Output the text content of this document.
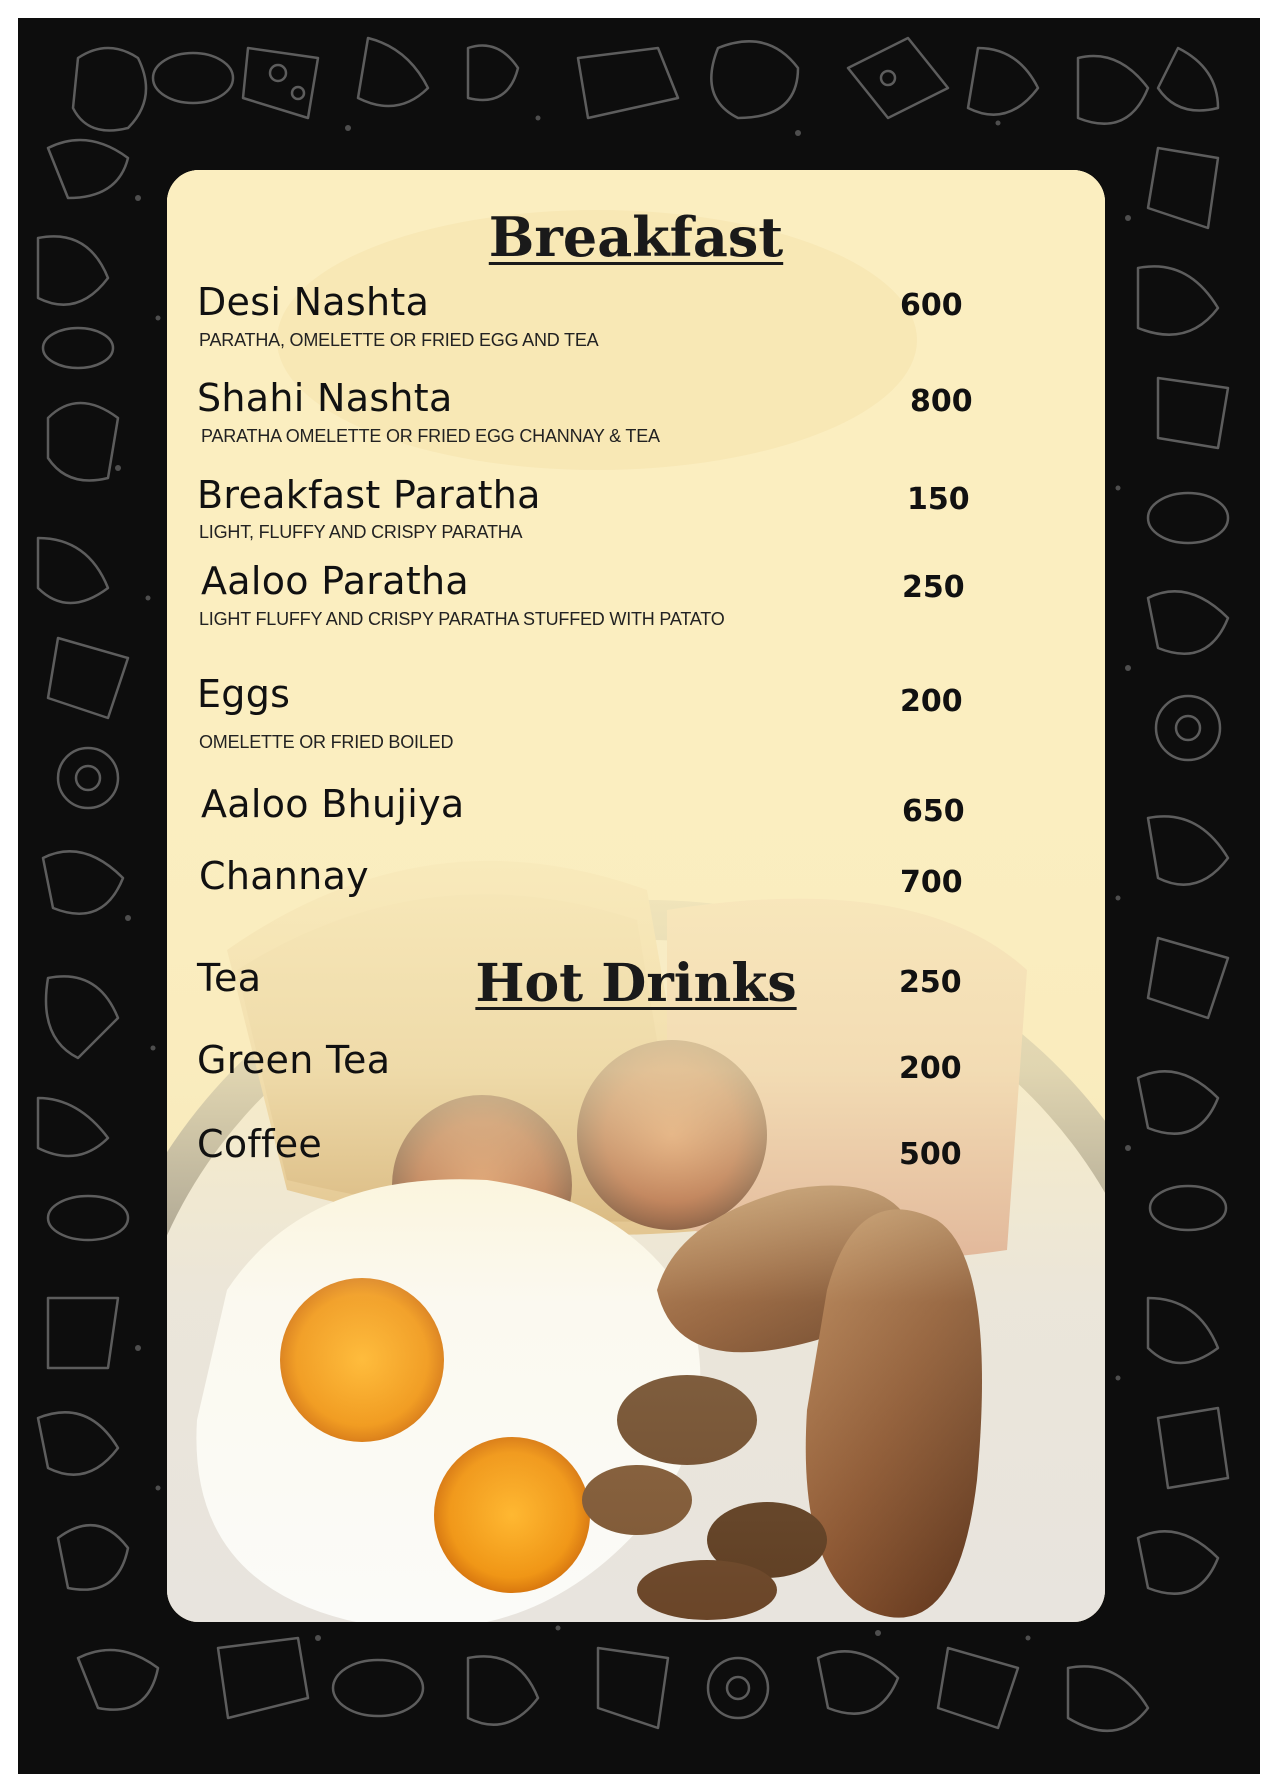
Breakfast
Desi Nashta
PARATHA, OMELETTE OR FRIED EGG AND TEA
600
Shahi Nashta
PARATHA OMELETTE OR FRIED EGG CHANNAY & TEA
800
Breakfast Paratha
LIGHT, FLUFFY AND CRISPY PARATHA
150
Aaloo Paratha
LIGHT FLUFFY AND CRISPY PARATHA STUFFED WITH PATATO
250
Eggs
OMELETTE OR FRIED BOILED
200
Aaloo Bhujiya	650
Channay	700
Hot Drinks
Tea	250
Green Tea	200
Coffee	500
